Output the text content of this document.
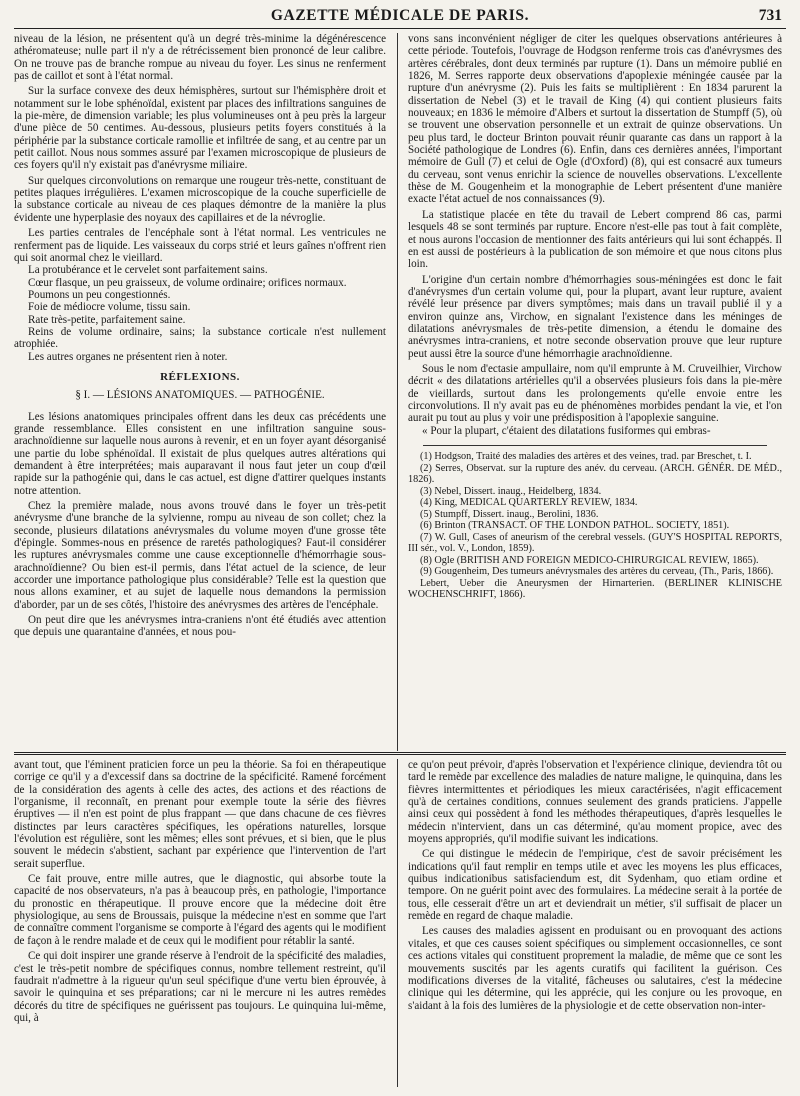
GAZETTE MÉDICALE DE PARIS.	731

niveau de la lésion, ne présentent qu'à un degré très-minime la dégénérescence athéromateuse; nulle part il n'y a de rétrécissement bien prononcé de leur calibre. On ne trouve pas de branche rompue au niveau du foyer. Les sinus ne renferment pas de caillot et sont à l'état normal.

Sur la surface convexe des deux hémisphères, surtout sur l'hémisphère droit et notamment sur le lobe sphénoïdal, existent par places des infiltrations sanguines de la pie-mère, de dimension variable; les plus volumineuses ont à peu près la largeur d'une pièce de 50 centimes. Au-dessous, plusieurs petits foyers constitués à la périphérie par la substance corticale ramollie et infiltrée de sang, et au centre par un petit caillot. Nous nous sommes assuré par l'examen microscopique de plusieurs de ces foyers qu'il n'y existait pas d'anévrysme miliaire.

Sur quelques circonvolutions on remarque une rougeur très-nette, constituant de petites plaques irrégulières. L'examen microscopique de la couche superficielle de la substance corticale au niveau de ces plaques démontre de la manière la plus évidente une hyperplasie des noyaux des capillaires et de la névroglie.

Les parties centrales de l'encéphale sont à l'état normal. Les ventricules ne renferment pas de liquide. Les vaisseaux du corps strié et leurs gaînes n'offrent rien qui soit anormal chez le vieillard.

La protubérance et le cervelet sont parfaitement sains.

Cœur flasque, un peu graisseux, de volume ordinaire; orifices normaux.

Poumons un peu congestionnés.

Foie de médiocre volume, tissu sain.

Rate très-petite, parfaitement saine.

Reins de volume ordinaire, sains; la substance corticale n'est nullement atrophiée.

Les autres organes ne présentent rien à noter.

RÉFLEXIONS.
§ I. — LÉSIONS ANATOMIQUES. — PATHOGÉNIE.

Les lésions anatomiques principales offrent dans les deux cas précédents une grande ressemblance. Elles consistent en une infiltration sanguine sous-arachnoïdienne sur laquelle nous aurons à revenir, et en un foyer ayant désorganisé une partie du lobe sphénoïdal. Il existait de plus quelques autres altérations qui demandent à être interprétées; mais auparavant il nous faut jeter un coup d'œil rapide sur la pathogénie qui, dans le cas actuel, est digne d'attirer quelques instants notre attention.

Chez la première malade, nous avons trouvé dans le foyer un très-petit anévrysme d'une branche de la sylvienne, rompu au niveau de son collet; chez la seconde, plusieurs dilatations anévrysmales du volume moyen d'une grosse tête d'épingle. Sommes-nous en présence de raretés pathologiques? Faut-il considérer les ruptures anévrysmales comme une cause exceptionnelle d'hémorrhagie sous-arachnoïdienne? Ou bien est-il permis, dans l'état actuel de la science, de leur accorder une importance pathologique plus considérable? Telle est la question que nous allons examiner, et au sujet de laquelle nous demandons la permission d'aborder, par un de ses côtés, l'histoire des anévrysmes des artères de l'encéphale.

On peut dire que les anévrysmes intra-craniens n'ont été étudiés avec attention que depuis une quarantaine d'années, et nous pou-

vons sans inconvénient négliger de citer les quelques observations antérieures à cette période. Toutefois, l'ouvrage de Hodgson renferme trois cas d'anévrysmes des artères cérébrales, dont deux terminés par rupture (1). Dans un mémoire publié en 1826, M. Serres rapporte deux observations d'apoplexie méningée causée par la rupture d'un anévrysme (2). Puis les faits se multiplièrent : En 1834 parurent la dissertation de Nebel (3) et le travail de King (4) qui contient plusieurs faits nouveaux; en 1836 le mémoire d'Albers et surtout la dissertation de Stumpff (5), où se trouvent une observation personnelle et un extrait de quinze observations. Un peu plus tard, le docteur Brinton pouvait réunir quarante cas dans un rapport à la Société pathologique de Londres (6). Enfin, dans ces dernières années, l'important mémoire de Gull (7) et celui de Ogle (d'Oxford) (8), qui est consacré aux tumeurs du cerveau, sont venus enrichir la science de nouvelles observations. L'excellente thèse de M. Gougenheim et la monographie de Lebert présentent d'une manière exacte l'état actuel de nos connaissances (9).

La statistique placée en tête du travail de Lebert comprend 86 cas, parmi lesquels 48 se sont terminés par rupture. Encore n'est-elle pas tout à fait complète, et nous aurons l'occasion de mentionner des faits antérieurs qui lui sont échappés. Il en est aussi de postérieurs à la publication de son mémoire et que nous citons plus loin.

L'origine d'un certain nombre d'hémorrhagies sous-méningées est donc le fait d'anévrysmes d'un certain volume qui, pour la plupart, avant leur rupture, avaient révélé leur présence par divers symptômes; mais dans un travail publié il y a environ quinze ans, Virchow, en signalant l'existence dans les méninges de dilatations anévrysmales de très-petite dimension, a étendu le domaine des anévrysmes intra-craniens, et notre seconde observation prouve que leur rupture peut aussi être la source d'une hémorrhagie arachnoïdienne.

Sous le nom d'ectasie ampullaire, nom qu'il emprunte à M. Cruveilhier, Virchow décrit « des dilatations artérielles qu'il a observées plusieurs fois dans la pie-mère de vieillards, surtout dans les prolongements qu'elle envoie entre les circonvolutions. Il n'y avait pas eu de phénomènes morbides pendant la vie, et l'on aurait pu tout au plus y voir une prédisposition à l'apoplexie sanguine.

« Pour la plupart, c'étaient des dilatations fusiformes qui embras-

(1) Hodgson, Traité des maladies des artères et des veines, trad. par Breschet, t. I.

(2) Serres, Observat. sur la rupture des anév. du cerveau. (ARCH. GÉNÉR. DE MÉD., 1826).

(3) Nebel, Dissert. inaug., Heidelberg, 1834.

(4) King, MEDICAL QUARTERLY REVIEW, 1834.

(5) Stumpff, Dissert. inaug., Berolini, 1836.

(6) Brinton (TRANSACT. OF THE LONDON PATHOL. SOCIETY, 1851).

(7) W. Gull, Cases of aneurism of the cerebral vessels. (GUY'S HOSPITAL REPORTS, III sér., vol. V., London, 1859).

(8) Ogle (BRITISH AND FOREIGN MEDICO-CHIRURGICAL REVIEW, 1865).

(9) Gougenheim, Des tumeurs anévrysmales des artères du cerveau, (Th., Paris, 1866).

Lebert, Ueber die Aneurysmen der Hirnarterien. (BERLINER KLINISCHE WOCHENSCHRIFT, 1866).

avant tout, que l'éminent praticien force un peu la théorie. Sa foi en thérapeutique corrige ce qu'il y a d'excessif dans sa doctrine de la spécificité. Ramené forcément de la considération des agents à celle des actes, des actions et des réactions de l'organisme, il reconnaît, en prenant pour exemple toute la série des fièvres éruptives — il n'en est point de plus frappant — que dans chacune de ces fièvres distinctes par leurs caractères spécifiques, les opérations naturelles, lorsque l'évolution est régulière, sont les mêmes; elles sont prévues, et si bien, que le plus souvent le médecin s'abstient, sachant par expérience que l'intervention de l'art serait superflue.

Ce fait prouve, entre mille autres, que le diagnostic, qui absorbe toute la capacité de nos observateurs, n'a pas à beaucoup près, en pathologie, l'importance du pronostic en thérapeutique. Il prouve encore que la médecine doit être physiologique, au sens de Broussais, puisque la médecine n'est en somme que l'art de connaître comment l'organisme se comporte à l'égard des agents qui le modifient de façon à le rendre malade et de ceux qui le modifient pour rétablir la santé.

Ce qui doit inspirer une grande réserve à l'endroit de la spécificité des maladies, c'est le très-petit nombre de spécifiques connus, nombre tellement restreint, qu'il faudrait n'admettre à la rigueur qu'un seul spécifique d'une vertu bien éprouvée, à savoir le quinquina et ses préparations; car ni le mercure ni les autres remèdes décorés du titre de spécifiques ne guérissent pas toujours. Le quinquina lui-même, qui, à

ce qu'on peut prévoir, d'après l'observation et l'expérience clinique, deviendra tôt ou tard le remède par excellence des maladies de nature maligne, le quinquina, dans les fièvres intermittentes et périodiques les mieux caractérisées, n'agit efficacement qu'à de certaines conditions, connues seulement des grands praticiens. J'appelle ainsi ceux qui possèdent à fond les méthodes thérapeutiques, d'après lesquelles le médecin n'intervient, dans un cas déterminé, qu'au moment propice, avec des moyens appropriés, qu'il modifie suivant les indications.

Ce qui distingue le médecin de l'empirique, c'est de savoir précisément les indications qu'il faut remplir en temps utile et avec les moyens les plus efficaces, quibus indicationibus satisfaciendum est, dit Sydenham, quo etiam ordine et tempore. On ne guérit point avec des formulaires. La médecine serait à la portée de tous, elle cesserait d'être un art et deviendrait un métier, s'il suffisait de placer un remède en regard de chaque maladie.

Les causes des maladies agissent en produisant ou en provoquant des actions vitales, et que ces causes soient spécifiques ou simplement occasionnelles, ce sont ces actions vitales qui constituent proprement la maladie, de même que ce sont les mouvements suscités par les agents curatifs qui facilitent la guérison. Ces modifications diverses de la vitalité, fâcheuses ou salutaires, c'est la médecine clinique qui les détermine, qui les apprécie, qui les conjure ou les provoque, en s'aidant à la fois des lumières de la physiologie et de cette observation non-inter-
